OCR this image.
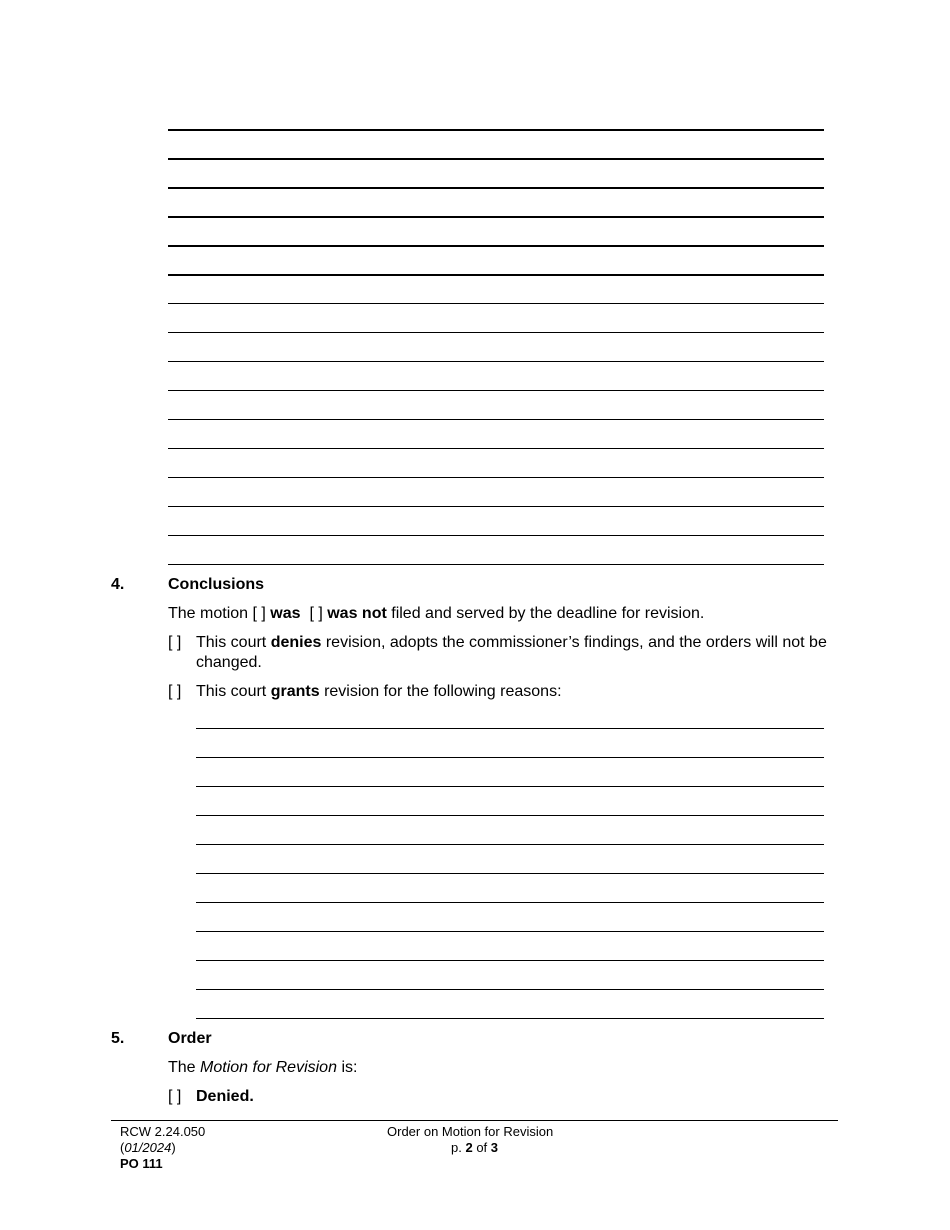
4.	Conclusions
The motion [ ] was [ ] was not filed and served by the deadline for revision.
[ ] This court denies revision, adopts the commissioner’s findings, and the orders will not be changed.
[ ] This court grants revision for the following reasons:
5.	Order
The Motion for Revision is:
[ ] Denied.
RCW 2.24.050
(01/2024)
PO 111
Order on Motion for Revision
p. 2 of 3
